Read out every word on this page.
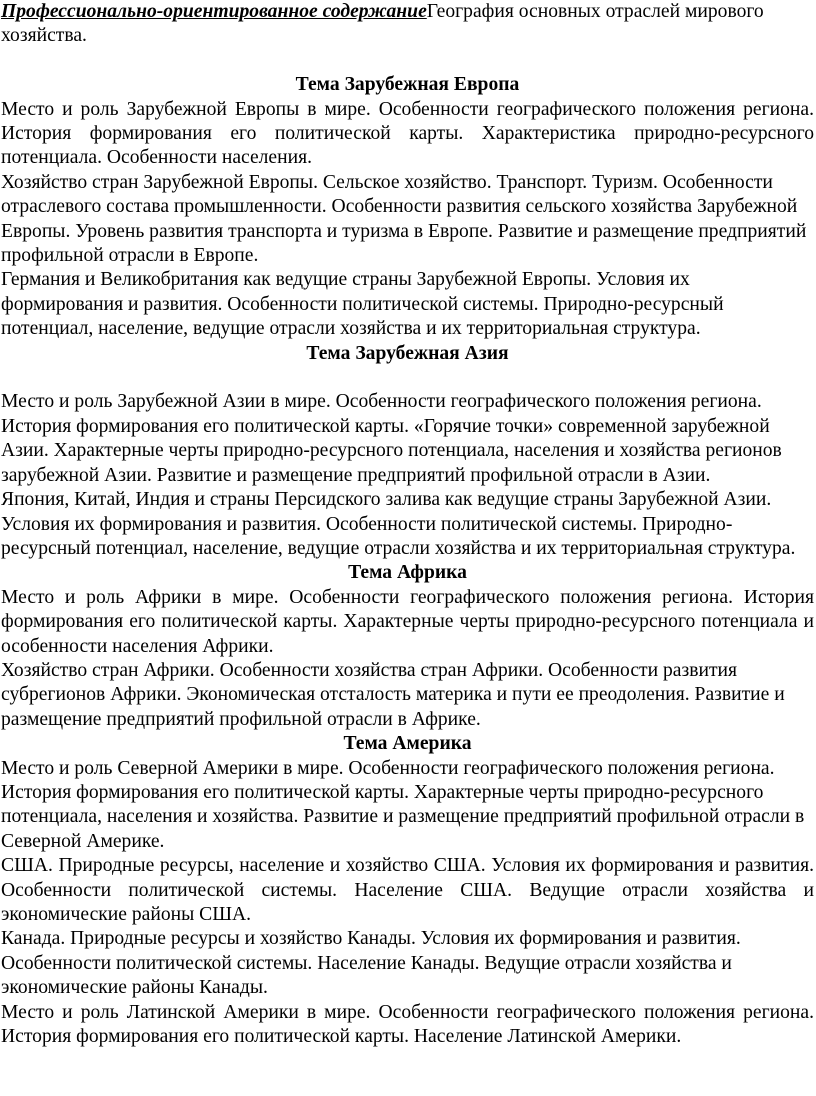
Профессионально-ориентированное содержаниеГеография основных отраслей мирового хозяйства.

Тема Зарубежная Европа

Место и роль Зарубежной Европы в мире. Особенности географического положения региона. История формирования его политической карты. Характеристика природно-ресурсного потенциала. Особенности населения.

Хозяйство стран Зарубежной Европы. Сельское хозяйство. Транспорт. Туризм. Особенности отраслевого состава промышленности. Особенности развития сельского хозяйства Зарубежной Европы. Уровень развития транспорта и туризма в Европе. Развитие и размещение предприятий профильной отрасли в Европе.

Германия и Великобритания как ведущие страны Зарубежной Европы. Условия их формирования и развития. Особенности политической системы. Природно-ресурсный потенциал, население, ведущие отрасли хозяйства и их территориальная структура.

Тема Зарубежная Азия

Место и роль Зарубежной Азии в мире. Особенности географического положения региона. История формирования его политической карты. «Горячие точки» современной зарубежной Азии. Характерные черты природно-ресурсного потенциала, населения и хозяйства регионов зарубежной Азии. Развитие и размещение предприятий профильной отрасли в Азии.

Япония, Китай, Индия и страны Персидского залива как ведущие страны Зарубежной Азии. Условия их формирования и развития. Особенности политической системы. Природно-ресурсный потенциал, население, ведущие отрасли хозяйства и их территориальная структура.

Тема Африка

Место и роль Африки в мире. Особенности географического положения региона. История формирования его политической карты. Характерные черты природно-ресурсного потенциала и особенности населения Африки.

Хозяйство стран Африки. Особенности хозяйства стран Африки. Особенности развития субрегионов Африки. Экономическая отсталость материка и пути ее преодоления. Развитие и размещение предприятий профильной отрасли в Африке.

Тема Америка

Место и роль Северной Америки в мире. Особенности географического положения региона. История формирования его политической карты. Характерные черты природно-ресурсного потенциала, населения и хозяйства. Развитие и размещение предприятий профильной отрасли в Северной Америке.

США. Природные ресурсы, население и хозяйство США. Условия их формирования и развития. Особенности политической системы. Население США. Ведущие отрасли хозяйства и экономические районы США.

Канада. Природные ресурсы и хозяйство Канады. Условия их формирования и развития. Особенности политической системы. Население Канады. Ведущие отрасли хозяйства и экономические районы Канады.

Место и роль Латинской Америки в мире. Особенности географического положения региона. История формирования его политической карты. Население Латинской Америки.
